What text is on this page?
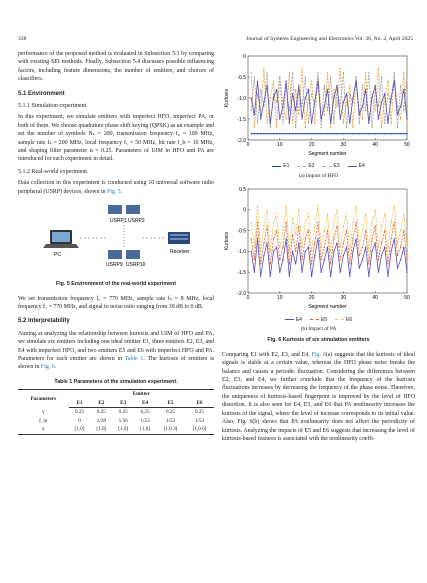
338	Journal of Systems Engineering and Electronics Vol. 36, No. 2, April 2025

performance of the proposed method is evaluated in Subsection 5.3 by comparing with existing SEI methods. Finally, Subsection 5.4 discusses possible influencing factors, including feature dimensions, the number of emitters, and choices of classifiers.

5.1 Environment
5.1.1 Simulation experiment

In this experiment, we simulate emitters with imperfect HFO, imperfect PA, or both of them. We choose quadrature phase shift keying (QPSK) as an example and set the number of symbols Nₛ = 200, transmission frequency f₀ = 100 MHz, sample rate fₛ = 200 MHz, local frequency f꜀ = 50 MHz, bit rate f_b = 10 MHz, and shaping filter parameter α = 0.25. Parameters of UIM in HFO and PA are introduced for each experiment in detail.

5.1.2 Real-world experiment

Data collection in this experiment is conducted using 10 universal software radio peripheral (USRP) devices, shown in Fig. 5.

USRP1 USRP2
PC	Receiver
USRP9 USRP10
Fig. 5 Environment of the real-world experiment

We set transmission frequency f₀ = 770 MHz, sample rate fₛ = 8 MHz, local frequency f꜀ = 770 MHz, and signal to noise ratio ranging from 30 dB to 0 dB.

5.2 Interpretability

Aiming at analyzing the relationship between kurtosis and UIM of HFO and PA, we simulate six emitters including one ideal emitter E1, three emitters E2, E3, and E4 with imperfect HFO, and two emitters E5 and E6 with imperfect HFO and PA. Parameters for each emitter are shown in Table 1. The kurtosis of emitters is shown in Fig. 6.

Table 1 Parameters of the simulation experiment.
Parameters	Emitter					
	E1	E2	E3	E4	E5	E6
γ	0.25	0.25	0.25	0.25	0.25	0.25
f_m	0	1/28	1/36	1/53	1/53	1/53
a	[1,0]	[1,0]	[1,0]	[1,0]	[1,0.3]	[1,0.6]
0
-0.5
-1.0
-1.5
-2.0
0	10	20	30	40	50
Segment number
Kurtosis
E1	E2	E3	E4
(a) Impact of HFO
0.5
0
-0.5
-1.0
-1.5
-2.0
0	10	20	30	40	50
Segment number
Kurtosis
E4	E5	E6
(b) Impact of PA
Fig. 6 Kurtosis of six simulation emitters

Comparing E1 with E2, E3, and E4, Fig. 6(a) suggests that the kurtosis of ideal signals is stable at a certain value, whereas the HFO phase noise breaks the balance and causes a periodic fluctuation. Considering the differences between E2, E3, and E4, we further conclude that the frequency of the kurtosis fluctuations increases by decreasing the frequency of the phase noise. Therefore, the uniqueness of kurtosis-based fingerprint is improved by the level of HFO distortion. It is also seen for E4, E5, and E6 that PA nonlinearity increases the kurtosis of the signal, where the level of increase corresponds to its initial value. Also, Fig. 6(b) shows that PA nonlinearity does not affect the periodicity of kurtosis. Analyzing the impacts of E5 and E6 suggests that increasing the level of kurtosis-based features is associated with the nonlinearity coeffi-
